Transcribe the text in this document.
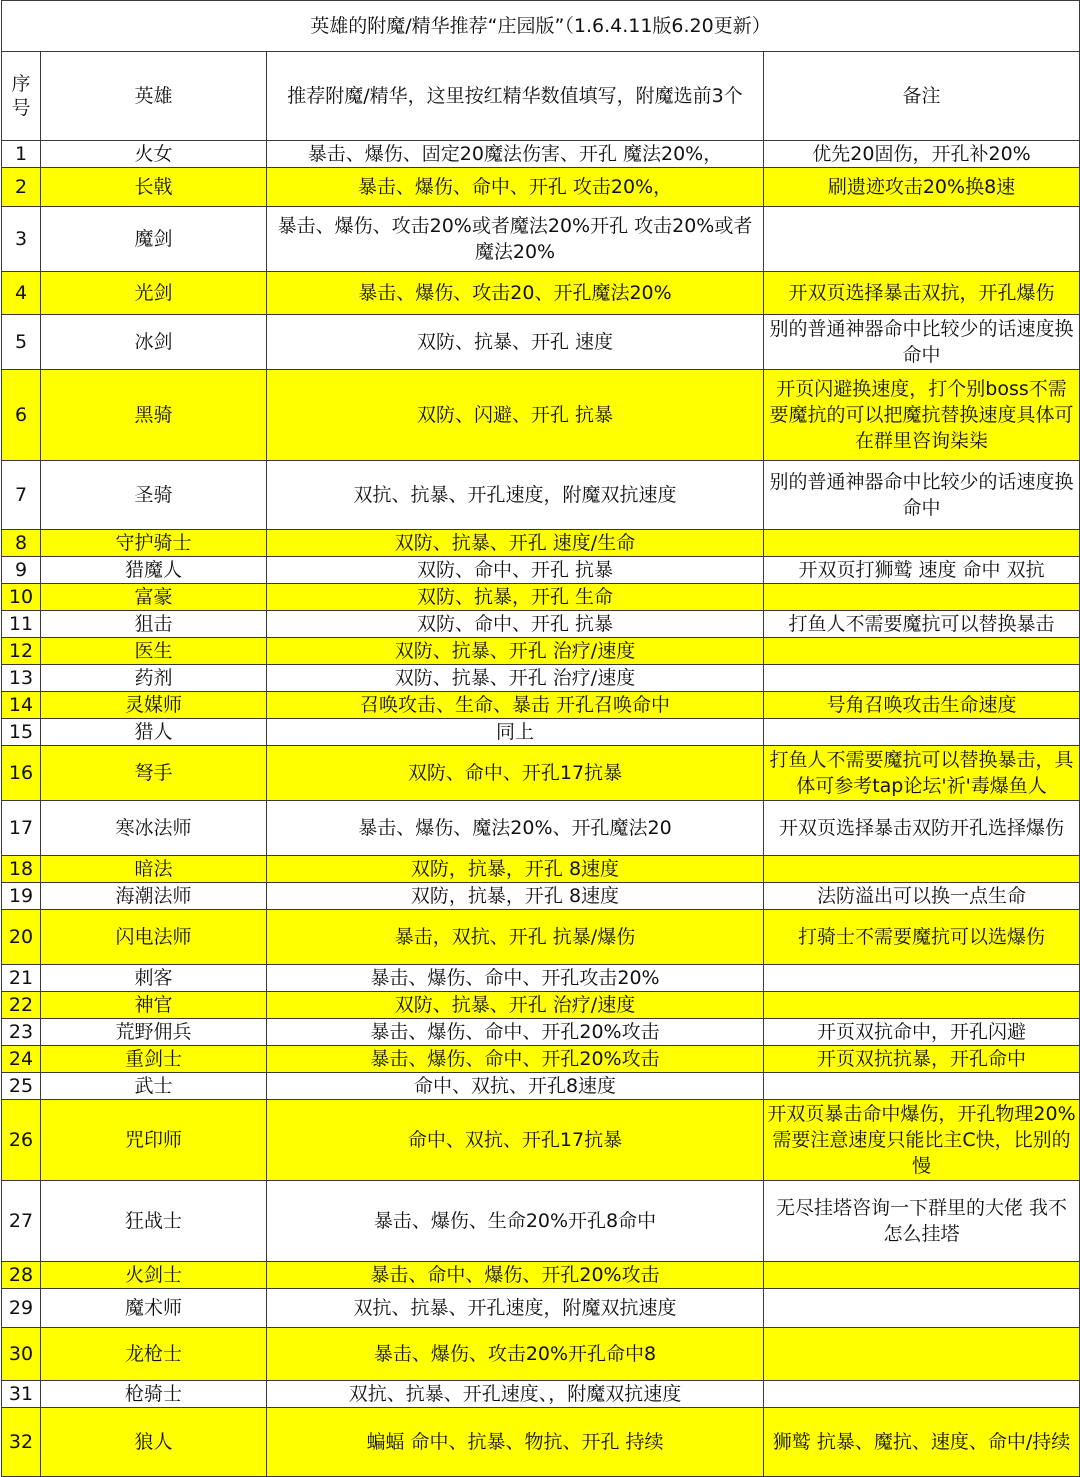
英雄的附魔/精华推荐“庄园版”（1.6.4.11版6.20更新）			
序号	英雄	推荐附魔/精华，这里按红精华数值填写，附魔选前3个	备注
1	火女	暴击、爆伤、固定20魔法伤害、开孔 魔法20%，	优先20固伤，开孔补20%
2	长戟	暴击、爆伤、命中、开孔 攻击20%，	刷遗迹攻击20%换8速
3	魔剑	暴击、爆伤、攻击20%或者魔法20%开孔 攻击20%或者魔法20%	
4	光剑	暴击、爆伤、攻击20、开孔魔法20%	开双页选择暴击双抗，开孔爆伤
5	冰剑	双防、抗暴、开孔 速度	别的普通神器命中比较少的话速度换命中
6	黑骑	双防、闪避、开孔 抗暴	开页闪避换速度，打个别boss不需要魔抗的可以把魔抗替换速度具体可在群里咨询柒柒
7	圣骑	双抗、抗暴、开孔速度，附魔双抗速度	别的普通神器命中比较少的话速度换命中
8	守护骑士	双防、抗暴、开孔 速度/生命	
9	猎魔人	双防、命中、开孔 抗暴	开双页打狮鹫 速度 命中 双抗
10	富豪	双防、抗暴，开孔 生命	
11	狙击	双防、命中、开孔 抗暴	打鱼人不需要魔抗可以替换暴击
12	医生	双防、抗暴、开孔 治疗/速度	
13	药剂	双防、抗暴、开孔 治疗/速度	
14	灵媒师	召唤攻击、生命、暴击 开孔召唤命中	号角召唤攻击生命速度
15	猎人	同上	
16	弩手	双防、命中、开孔17抗暴	打鱼人不需要魔抗可以替换暴击，具体可参考tap论坛'祈'毒爆鱼人
17	寒冰法师	暴击、爆伤、魔法20%、开孔魔法20	开双页选择暴击双防开孔选择爆伤
18	暗法	双防，抗暴，开孔 8速度	
19	海潮法师	双防，抗暴，开孔 8速度	法防溢出可以换一点生命
20	闪电法师	暴击，双抗、开孔 抗暴/爆伤	打骑士不需要魔抗可以选爆伤
21	刺客	暴击、爆伤、命中、开孔攻击20%	
22	神官	双防、抗暴、开孔 治疗/速度	
23	荒野佣兵	暴击、爆伤、命中、开孔20%攻击	开页双抗命中，开孔闪避
24	重剑士	暴击、爆伤、命中、开孔20%攻击	开页双抗抗暴，开孔命中
25	武士	命中、双抗、开孔8速度	
26	咒印师	命中、双抗、开孔17抗暴	开双页暴击命中爆伤，开孔物理20%需要注意速度只能比主C快，比别的慢
27	狂战士	暴击、爆伤、生命20%开孔8命中	无尽挂塔咨询一下群里的大佬 我不怎么挂塔
28	火剑士	暴击、命中、爆伤、开孔20%攻击	
29	魔术师	双抗、抗暴、开孔速度，附魔双抗速度	
30	龙枪士	暴击、爆伤、攻击20%开孔命中8	
31	枪骑士	双抗、抗暴、开孔速度、，附魔双抗速度	
32	狼人	蝙蝠 命中、抗暴、物抗、开孔 持续	狮鹫 抗暴、魔抗、速度、命中/持续
